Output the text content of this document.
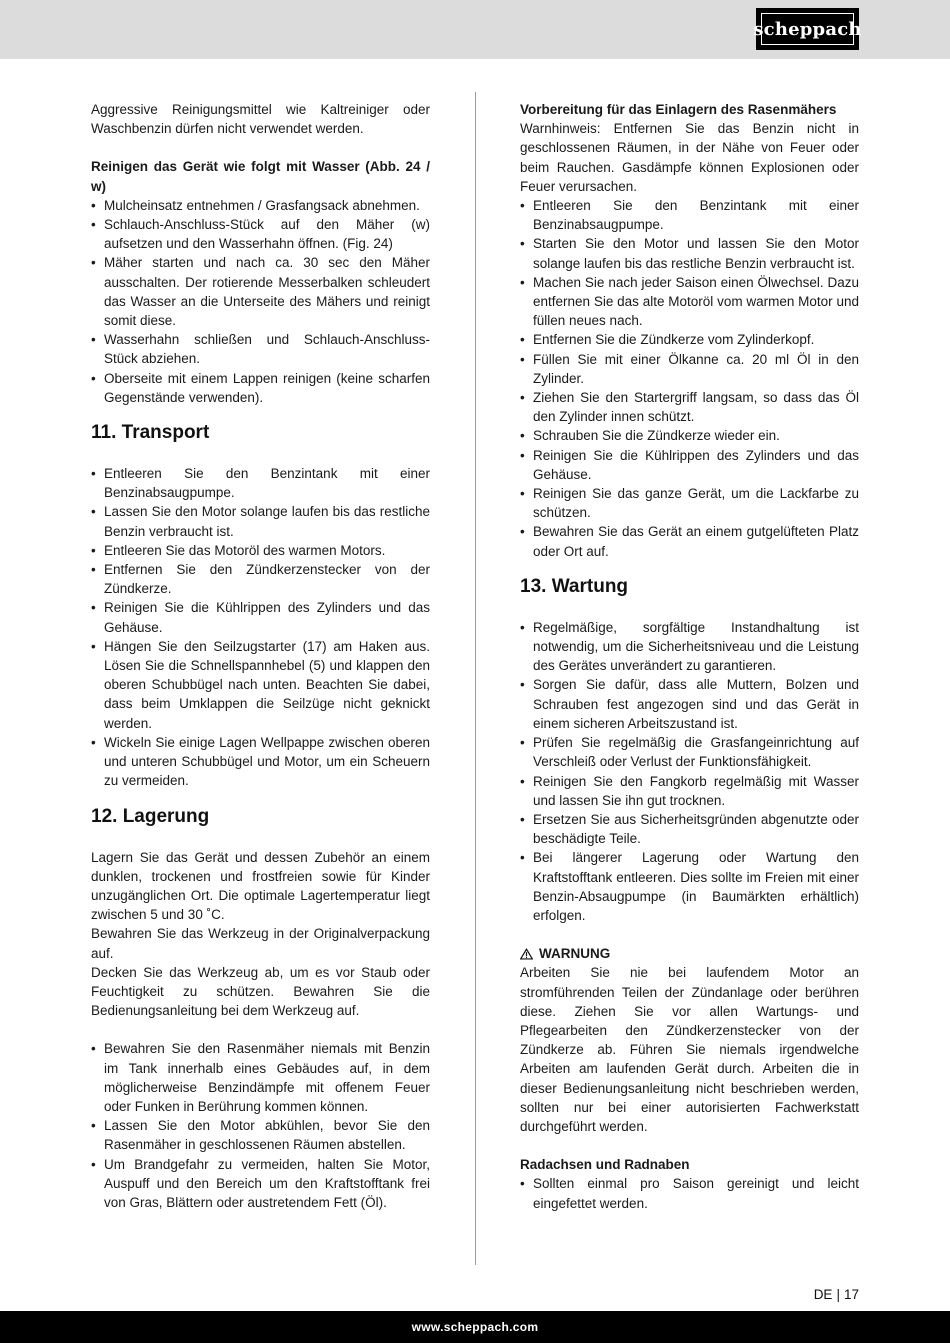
scheppach

Aggressive Reinigungsmittel wie Kaltreiniger oder Waschbenzin dürfen nicht verwendet werden.

Reinigen das Gerät wie folgt mit Wasser (Abb. 24 / w)

• Mulcheinsatz entnehmen / Grasfangsack abnehmen.
• Schlauch-Anschluss-Stück auf den Mäher (w) aufsetzen und den Wasserhahn öffnen. (Fig. 24)
• Mäher starten und nach ca. 30 sec den Mäher ausschalten. Der rotierende Messerbalken schleudert das Wasser an die Unterseite des Mähers und reinigt somit diese.
• Wasserhahn schließen und Schlauch-Anschluss-Stück abziehen.
• Oberseite mit einem Lappen reinigen (keine scharfen Gegenstände verwenden).
11. Transport
• Entleeren Sie den Benzintank mit einer Benzinabsaugpumpe.
• Lassen Sie den Motor solange laufen bis das restliche Benzin verbraucht ist.
• Entleeren Sie das Motoröl des warmen Motors.
• Entfernen Sie den Zündkerzenstecker von der Zündkerze.
• Reinigen Sie die Kühlrippen des Zylinders und das Gehäuse.
• Hängen Sie den Seilzugstarter (17) am Haken aus. Lösen Sie die Schnellspannhebel (5) und klappen den oberen Schubbügel nach unten. Beachten Sie dabei, dass beim Umklappen die Seilzüge nicht geknickt werden.
• Wickeln Sie einige Lagen Wellpappe zwischen oberen und unteren Schubbügel und Motor, um ein Scheuern zu vermeiden.
12. Lagerung

Lagern Sie das Gerät und dessen Zubehör an einem dunklen, trockenen und frostfreien sowie für Kinder unzugänglichen Ort. Die optimale Lagertemperatur liegt zwischen 5 und 30 ˚C.

Bewahren Sie das Werkzeug in der Originalverpackung auf.

Decken Sie das Werkzeug ab, um es vor Staub oder Feuchtigkeit zu schützen. Bewahren Sie die Bedienungsanleitung bei dem Werkzeug auf.

• Bewahren Sie den Rasenmäher niemals mit Benzin im Tank innerhalb eines Gebäudes auf, in dem möglicherweise Benzindämpfe mit offenem Feuer oder Funken in Berührung kommen können.
• Lassen Sie den Motor abkühlen, bevor Sie den Rasenmäher in geschlossenen Räumen abstellen.
• Um Brandgefahr zu vermeiden, halten Sie Motor, Auspuff und den Bereich um den Kraftstofftank frei von Gras, Blättern oder austretendem Fett (Öl).

Vorbereitung für das Einlagern des Rasenmähers

Warnhinweis: Entfernen Sie das Benzin nicht in geschlossenen Räumen, in der Nähe von Feuer oder beim Rauchen. Gasdämpfe können Explosionen oder Feuer verursachen.

• Entleeren Sie den Benzintank mit einer Benzinabsaugpumpe.
• Starten Sie den Motor und lassen Sie den Motor solange laufen bis das restliche Benzin verbraucht ist.
• Machen Sie nach jeder Saison einen Ölwechsel. Dazu entfernen Sie das alte Motoröl vom warmen Motor und füllen neues nach.
• Entfernen Sie die Zündkerze vom Zylinderkopf.
• Füllen Sie mit einer Ölkanne ca. 20 ml Öl in den Zylinder.
• Ziehen Sie den Startergriff langsam, so dass das Öl den Zylinder innen schützt.
• Schrauben Sie die Zündkerze wieder ein.
• Reinigen Sie die Kühlrippen des Zylinders und das Gehäuse.
• Reinigen Sie das ganze Gerät, um die Lackfarbe zu schützen.
• Bewahren Sie das Gerät an einem gutgelüfteten Platz oder Ort auf.
13. Wartung
• Regelmäßige, sorgfältige Instandhaltung ist notwendig, um die Sicherheitsniveau und die Leistung des Gerätes unverändert zu garantieren.
• Sorgen Sie dafür, dass alle Muttern, Bolzen und Schrauben fest angezogen sind und das Gerät in einem sicheren Arbeitszustand ist.
• Prüfen Sie regelmäßig die Grasfangeinrichtung auf Verschleiß oder Verlust der Funktionsfähigkeit.
• Reinigen Sie den Fangkorb regelmäßig mit Wasser und lassen Sie ihn gut trocknen.
• Ersetzen Sie aus Sicherheitsgründen abgenutzte oder beschädigte Teile.
• Bei längerer Lagerung oder Wartung den Kraftstofftank entleeren. Dies sollte im Freien mit einer Benzin-Absaugpumpe (in Baumärkten erhältlich) erfolgen.
WARNUNG

Arbeiten Sie nie bei laufendem Motor an stromführenden Teilen der Zündanlage oder berühren diese. Ziehen Sie vor allen Wartungs- und Pflegearbeiten den Zündkerzenstecker von der Zündkerze ab. Führen Sie niemals irgendwelche Arbeiten am laufenden Gerät durch. Arbeiten die in dieser Bedienungsanleitung nicht beschrieben werden, sollten nur bei einer autorisierten Fachwerkstatt durchgeführt werden.

Radachsen und Radnaben

• Sollten einmal pro Saison gereinigt und leicht eingefettet werden.
DE | 17
www.scheppach.com
